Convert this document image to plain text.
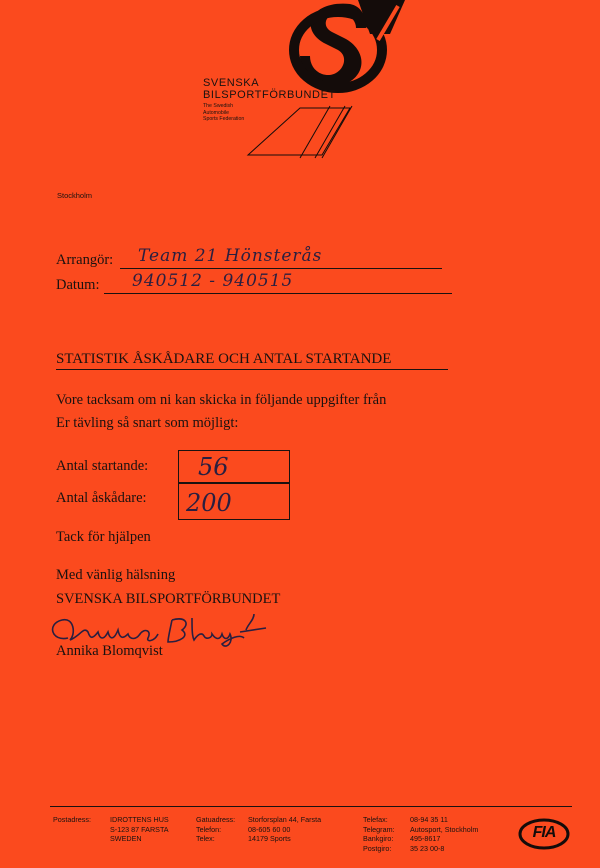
SVENSKA
BILSPORTFÖRBUNDET
The Swedish
Automobile
Sports Federation
Stockholm
Arrangör: Team 21 Hönsterås
Datum: 940512 - 940515
STATISTIK ÅSKÅDARE OCH ANTAL STARTANDE
Vore tacksam om ni kan skicka in följande uppgifter från
Er tävling så snart som möjligt:
Antal startande:
Antal åskådare:
56
200
Tack för hjälpen
Med vänlig hälsning
SVENSKA BILSPORTFÖRBUNDET
Annika Blomqvist
Postadress:	IDROTTENS HUS
S-123 87 FARSTA
SWEDEN
Gatuadress:
Telefon:
Telex:
Storforsplan 44, Farsta
08-605 60 00
14179 Sports
Telefax:
Telegram:
Bankgiro:
Postgiro:
08-94 35 11
Autosport, Stockholm
495-8617
35 23 00-8
FIA
